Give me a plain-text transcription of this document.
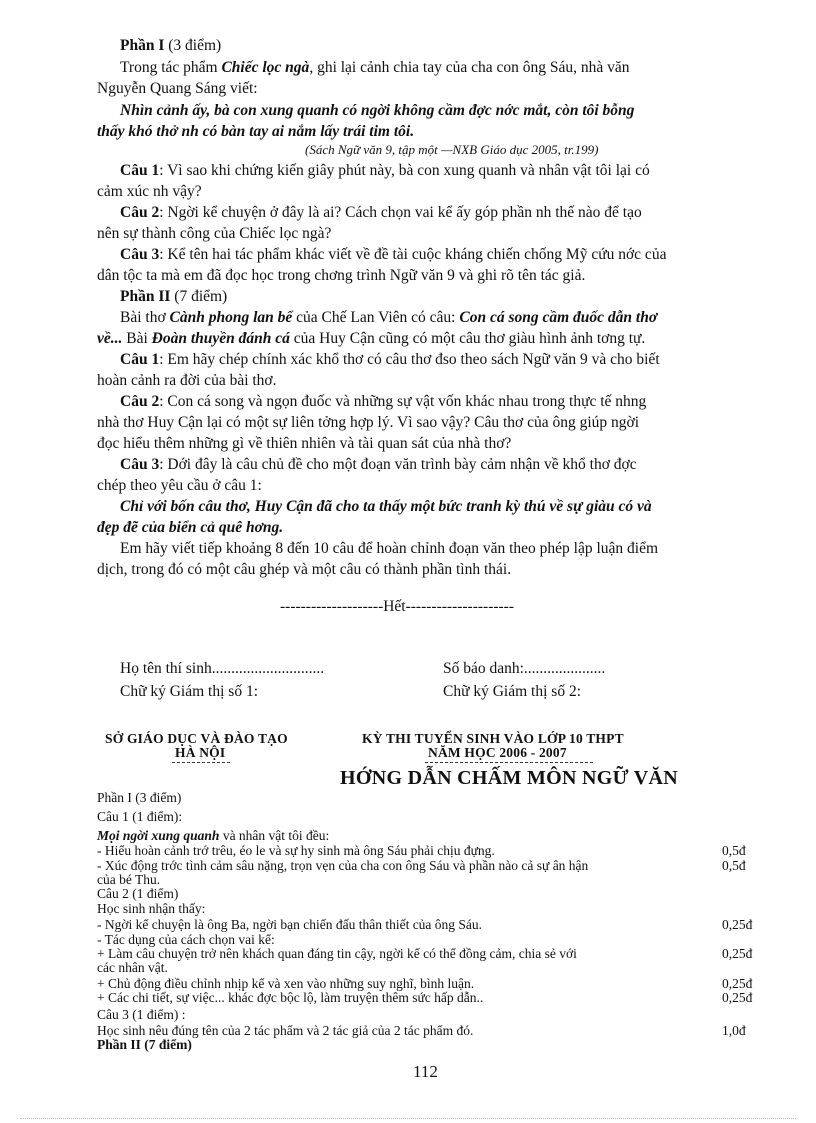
Phần I (3 điểm)
Trong tác phẩm Chiếc lọc ngà, ghi lại cảnh chia tay của cha con ông Sáu, nhà văn
Nguyễn Quang Sáng viết:
Nhìn cảnh ấy, bà con xung quanh có ngời không cầm đợc nớc mắt, còn tôi bỗng
thấy khó thở nh có bàn tay ai nắm lấy trái tim tôi.
(Sách Ngữ văn 9, tập một —NXB Giáo dục 2005, tr.199)
Câu 1: Vì sao khi chứng kiến giây phút này, bà con xung quanh và nhân vật tôi lại có
cảm xúc nh vậy?
Câu 2: Ngời kể chuyện ở đây là ai? Cách chọn vai kể ấy góp phần nh thế nào để tạo
nên sự thành công của Chiếc lọc ngà?
Câu 3: Kể tên hai tác phẩm khác viết về đề tài cuộc kháng chiến chống Mỹ cứu nớc của
dân tộc ta mà em đã đọc học trong chơng trình Ngữ văn 9 và ghi rõ tên tác giả.
Phần II (7 điểm)
Bài thơ Cành phong lan bể của Chế Lan Viên có câu: Con cá song cầm đuốc dẫn thơ
về... Bài Đoàn thuyền đánh cá của Huy Cận cũng có một câu thơ giàu hình ảnh tơng tự.
Câu 1: Em hãy chép chính xác khổ thơ có câu thơ đso theo sách Ngữ văn 9 và cho biết
hoàn cảnh ra đời của bài thơ.
Câu 2: Con cá song và ngọn đuốc và những sự vật vốn khác nhau trong thực tế nhng
nhà thơ Huy Cận lại có một sự liên tởng hợp lý. Vì sao vậy? Câu thơ của ông giúp ngời
đọc hiểu thêm những gì về thiên nhiên và tài quan sát của nhà thơ?
Câu 3: Dới đây là câu chủ đề cho một đoạn văn trình bày cảm nhận về khổ thơ đợc
chép theo yêu cầu ở câu 1:
Chỉ với bốn câu thơ, Huy Cận đã cho ta thấy một bức tranh kỳ thú về sự giàu có và
đẹp đẽ của biển cả quê hơng.
Em hãy viết tiếp khoảng 8 đến 10 câu để hoàn chỉnh đoạn văn theo phép lập luận điểm
dịch, trong đó có một câu ghép và một câu có thành phần tình thái.
--------------------Hết---------------------
Họ tên thí sinh.............................	Số báo danh:.....................
Chữ ký Giám thị số 1:	Chữ ký Giám thị số 2:
SỞ GIÁO DỤC VÀ ĐÀO TẠO
HÀ NỘI
KỲ THI TUYỂN SINH VÀO LỚP 10 THPT
NĂM HỌC 2006 - 2007
HỚNG DẪN CHẤM MÔN NGỮ VĂN
Phần I (3 điểm)
Câu 1 (1 điểm):
Mọi ngời xung quanh và nhân vật tôi đều:
- Hiểu hoàn cảnh trớ trêu, éo le và sự hy sinh mà ông Sáu phải chịu đựng.	0,5đ
- Xúc động trớc tình cảm sâu nặng, trọn vẹn của cha con ông Sáu và phần nào cả sự ân hận	0,5đ
của bé Thu.
Câu 2 (1 điểm)
Học sinh nhận thấy:
- Ngời kể chuyện là ông Ba, ngời bạn chiến đấu thân thiết của ông Sáu.	0,25đ
- Tác dụng của cách chọn vai kể:
+ Làm câu chuyện trở nên khách quan đáng tin cậy, ngời kể có thể đồng cảm, chia sẻ với	0,25đ
các nhân vật.
+ Chủ động điều chỉnh nhịp kể và xen vào những suy nghĩ, bình luận.	0,25đ
+ Các chi tiết, sự việc... khác đợc bộc lộ, làm truyện thêm sức hấp dẫn..	0,25đ
Câu 3 (1 điểm) :
Học sinh nêu đúng tên của 2 tác phẩm và 2 tác giả của 2 tác phẩm đó.	1,0đ
Phần II (7 điểm)
112
